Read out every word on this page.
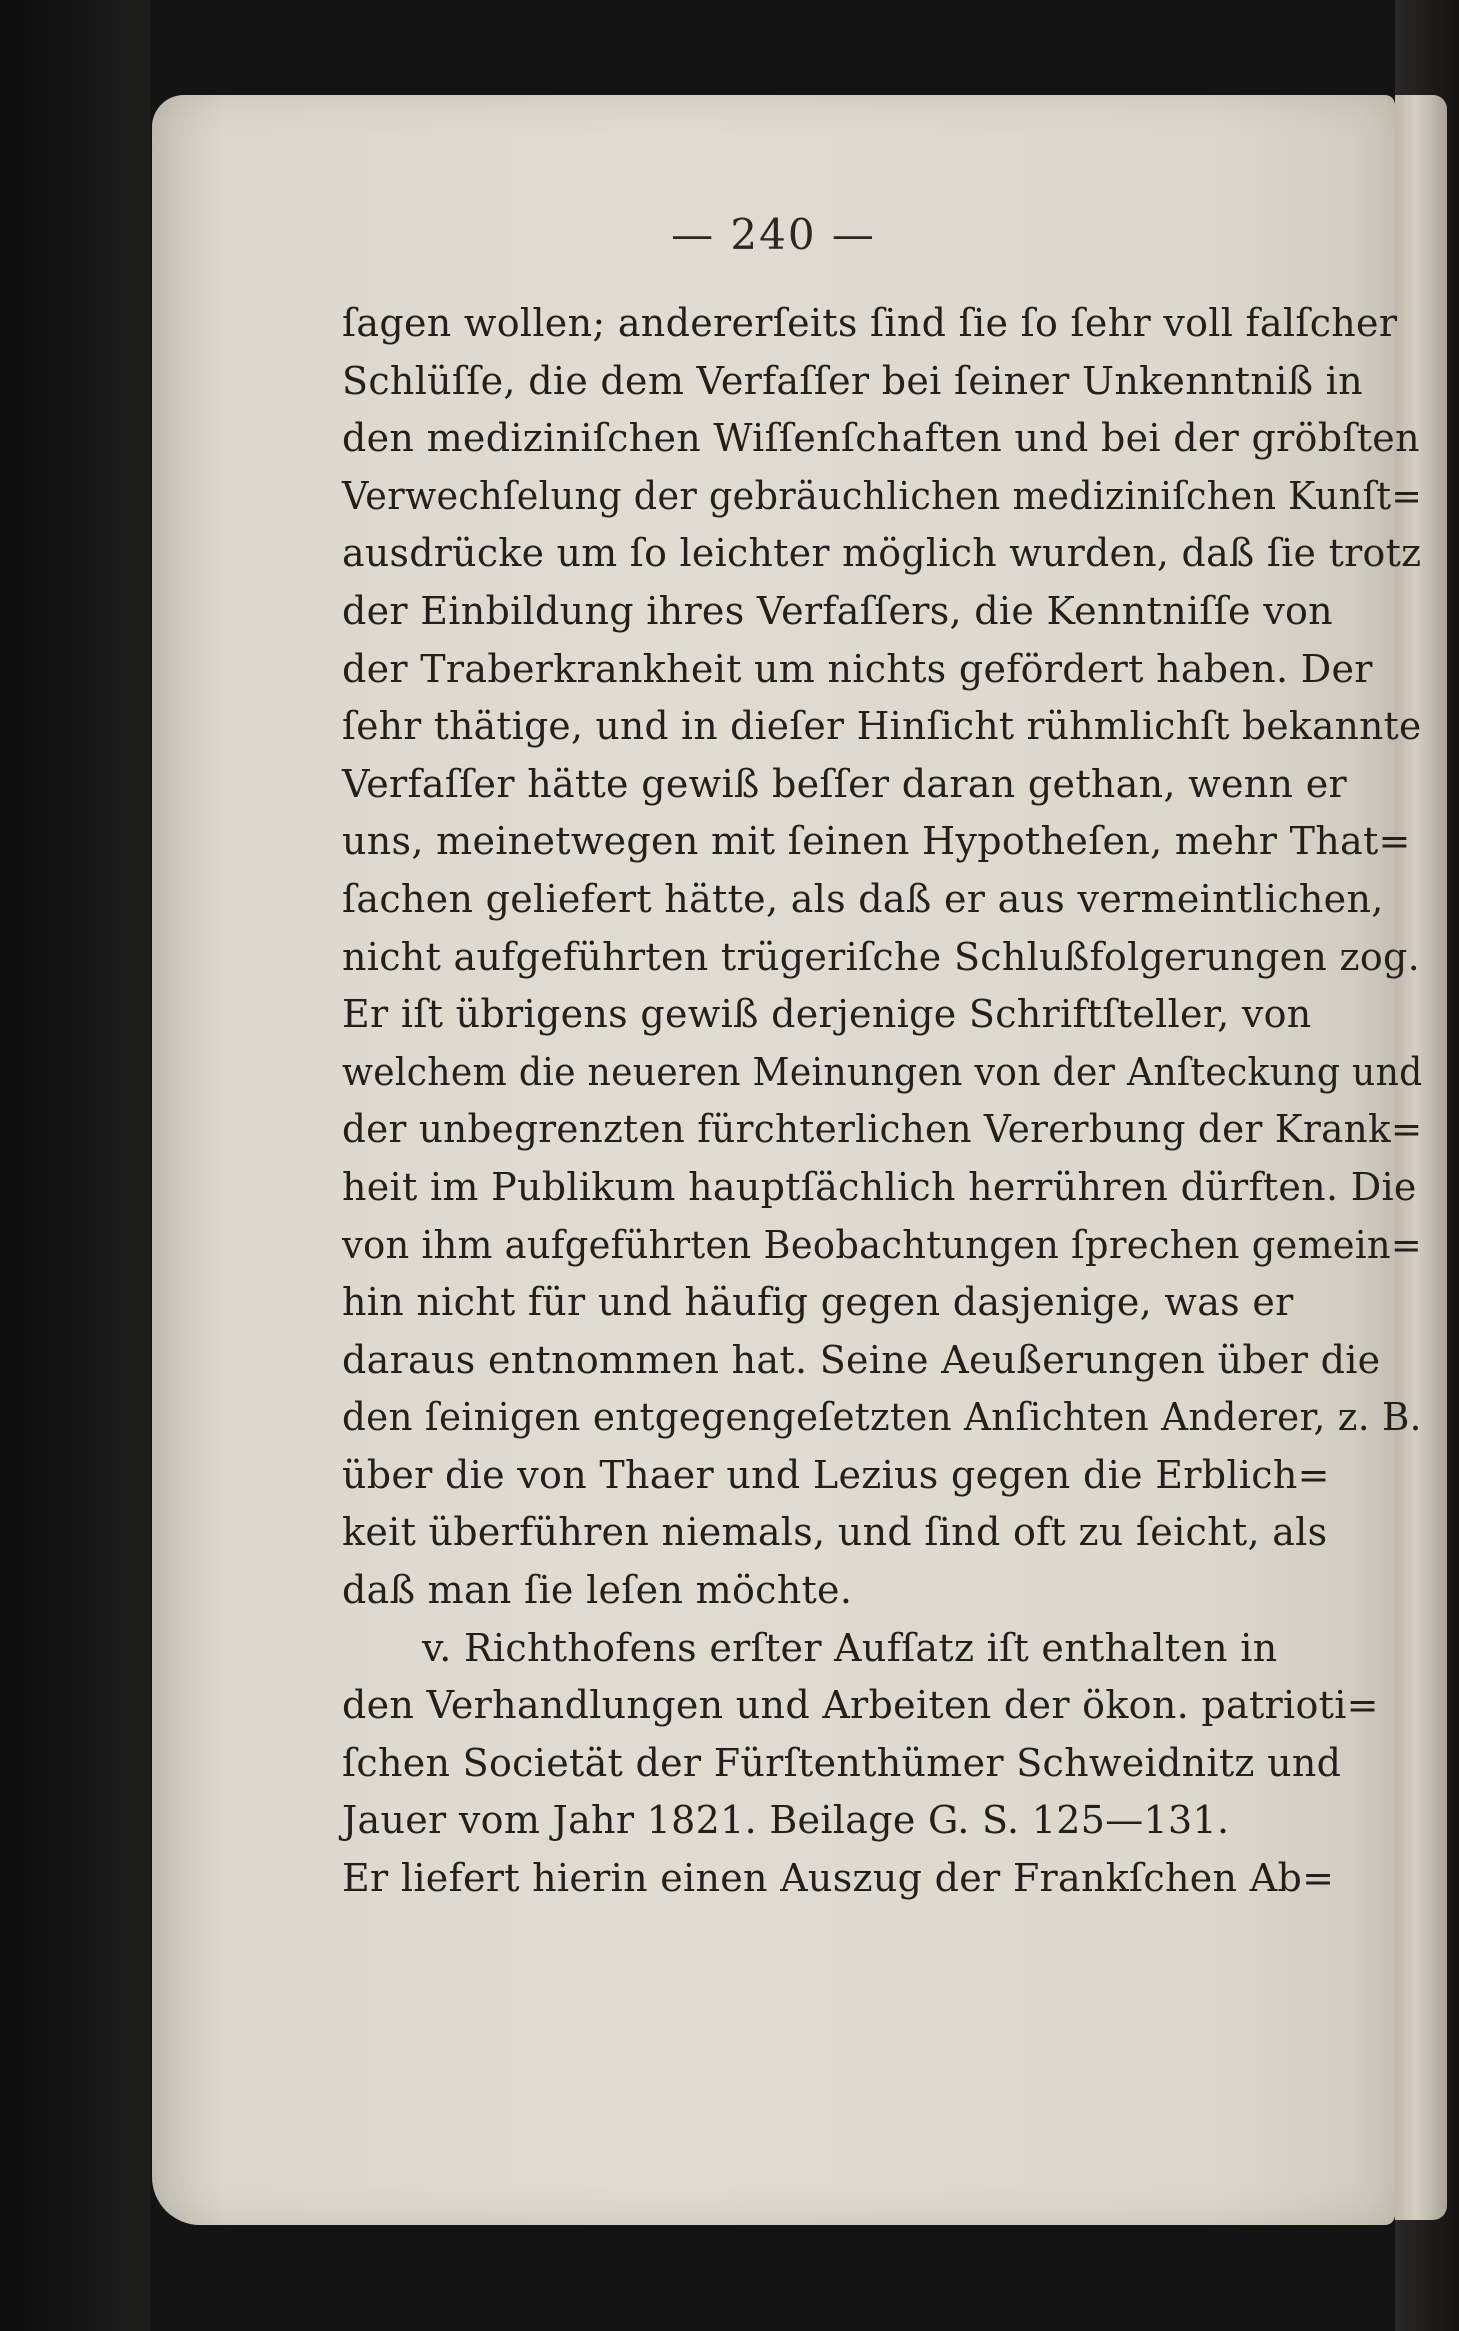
— 240 —
ſagen wollen; andererſeits ſind ſie ſo ſehr voll falſcher
Schlüſſe, die dem Verfaſſer bei ſeiner Unkenntniß in
den mediziniſchen Wiſſenſchaften und bei der gröbſten
Verwechſelung der gebräuchlichen mediziniſchen Kunſt=
ausdrücke um ſo leichter möglich wurden, daß ſie trotz
der Einbildung ihres Verfaſſers, die Kenntniſſe von
der Traberkrankheit um nichts gefördert haben. Der
ſehr thätige, und in dieſer Hinſicht rühmlichſt bekannte
Verfaſſer hätte gewiß beſſer daran gethan, wenn er
uns, meinetwegen mit ſeinen Hypotheſen, mehr That=
ſachen geliefert hätte, als daß er aus vermeintlichen,
nicht aufgeführten trügeriſche Schlußfolgerungen zog.
Er iſt übrigens gewiß derjenige Schriftſteller, von
welchem die neueren Meinungen von der Anſteckung und
der unbegrenzten fürchterlichen Vererbung der Krank=
heit im Publikum hauptſächlich herrühren dürften. Die
von ihm aufgeführten Beobachtungen ſprechen gemein=
hin nicht für und häufig gegen dasjenige, was er
daraus entnommen hat. Seine Aeußerungen über die
den ſeinigen entgegengeſetzten Anſichten Anderer, z. B.
über die von Thaer und Lezius gegen die Erblich=
keit überführen niemals, und ſind oft zu ſeicht, als
daß man ſie leſen möchte.
v. Richthofens erſter Aufſatz iſt enthalten in
den Verhandlungen und Arbeiten der ökon. patrioti=
ſchen Societät der Fürſtenthümer Schweidnitz und
Jauer vom Jahr 1821. Beilage G. S. 125—131.
Er liefert hierin einen Auszug der Frankſchen Ab=
